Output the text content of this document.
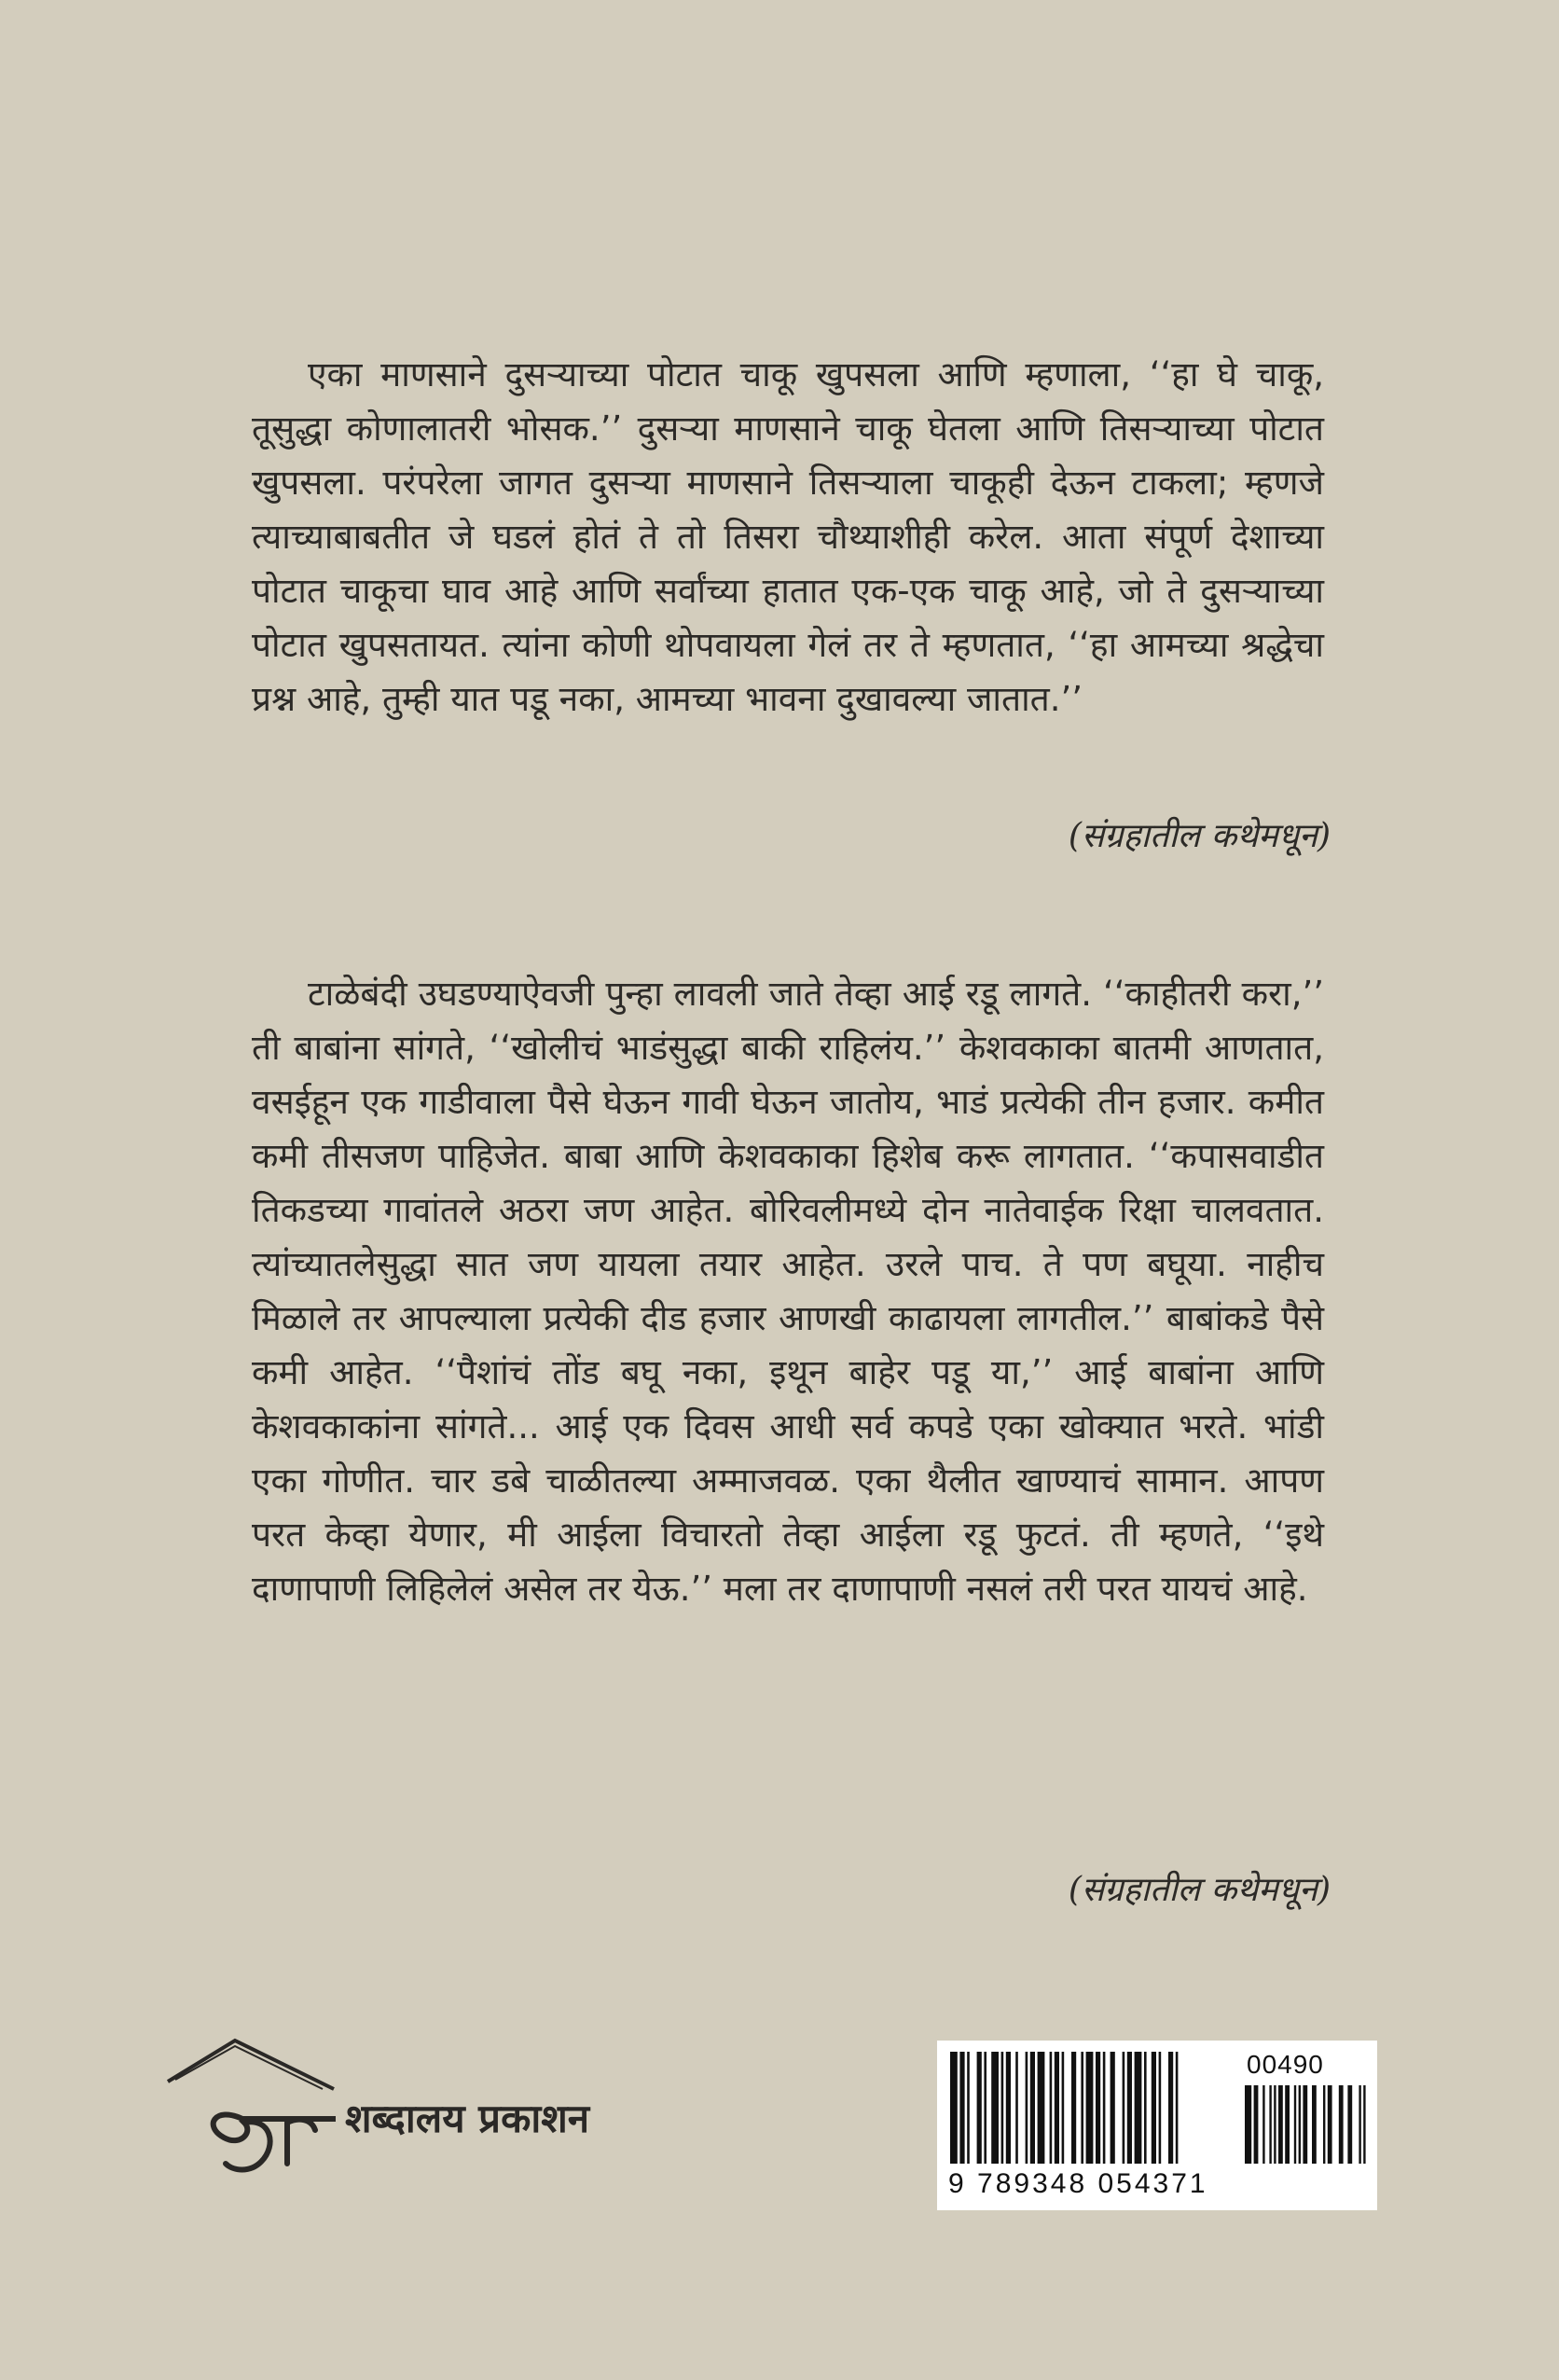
एका माणसाने दुसऱ्याच्या पोटात चाकू खुपसला आणि म्हणाला, ‘‘हा घे चाकू, तूसुद्धा कोणालातरी भोसक.’’ दुसऱ्या माणसाने चाकू घेतला आणि तिसऱ्याच्या पोटात खुपसला. परंपरेला जागत दुसऱ्या माणसाने तिसऱ्याला चाकूही देऊन टाकला; म्हणजे त्याच्याबाबतीत जे घडलं होतं ते तो तिसरा चौथ्याशीही करेल. आता संपूर्ण देशाच्या पोटात चाकूचा घाव आहे आणि सर्वांच्या हातात एक-एक चाकू आहे, जो ते दुसऱ्याच्या पोटात खुपसतायत. त्यांना कोणी थोपवायला गेलं तर ते म्हणतात, ‘‘हा आमच्या श्रद्धेचा प्रश्न आहे, तुम्ही यात पडू नका, आमच्या भावना दुखावल्या जातात.’’

(संग्रहातील कथेमधून)

टाळेबंदी उघडण्याऐवजी पुन्हा लावली जाते तेव्हा आई रडू लागते. ‘‘काहीतरी करा,’’ ती बाबांना सांगते, ‘‘खोलीचं भाडंसुद्धा बाकी राहिलंय.’’ केशवकाका बातमी आणतात, वसईहून एक गाडीवाला पैसे घेऊन गावी घेऊन जातोय, भाडं प्रत्येकी तीन हजार. कमीत कमी तीसजण पाहिजेत. बाबा आणि केशवकाका हिशेब करू लागतात. ‘‘कपासवाडीत तिकडच्या गावांतले अठरा जण आहेत. बोरिवलीमध्ये दोन नातेवाईक रिक्षा चालवतात. त्यांच्यातलेसुद्धा सात जण यायला तयार आहेत. उरले पाच. ते पण बघूया. नाहीच मिळाले तर आपल्याला प्रत्येकी दीड हजार आणखी काढायला लागतील.’’ बाबांकडे पैसे कमी आहेत. ‘‘पैशांचं तोंड बघू नका, इथून बाहेर पडू या,’’ आई बाबांना आणि केशवकाकांना सांगते... आई एक दिवस आधी सर्व कपडे एका खोक्यात भरते. भांडी एका गोणीत. चार डबे चाळीतल्या अम्माजवळ. एका थैलीत खाण्याचं सामान. आपण परत केव्हा येणार, मी आईला विचारतो तेव्हा आईला रडू फुटतं. ती म्हणते, ‘‘इथे दाणापाणी लिहिलेलं असेल तर येऊ.’’ मला तर दाणापाणी नसलं तरी परत यायचं आहे.

(संग्रहातील कथेमधून)
शब्दालय प्रकाशन
00490
9 789348 054371
